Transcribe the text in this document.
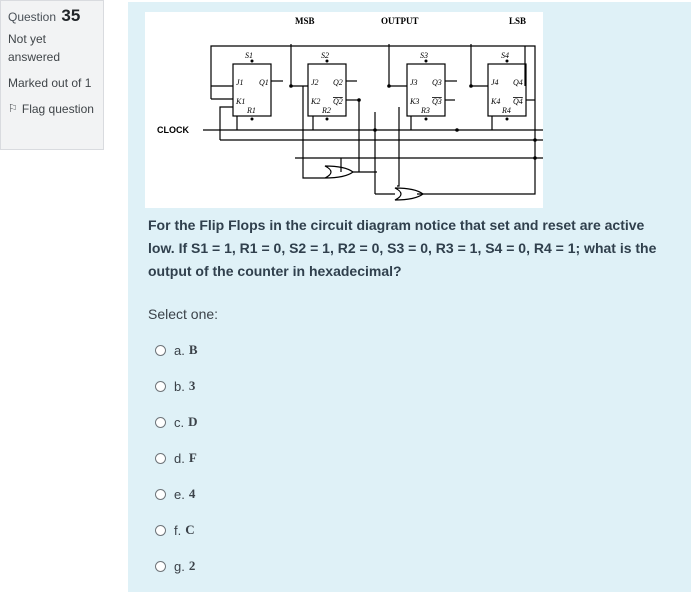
Question 35
Not yet answered
Marked out of 1
⚐ Flag question
MSB	OUTPUT	LSB
CLOCK
S1
J1 Q1
K1
R1
S2
J2 Q2
K2 Q2
R2
S3
J3 Q3
K3 Q3
R3
S4
J4 Q4
K4 Q4
R4
For the Flip Flops in the circuit diagram notice that set and reset are active low. If S1 = 1, R1 = 0, S2 = 1, R2 = 0, S3 = 0, R3 = 1, S4 = 0, R4 = 1; what is the output of the counter in hexadecimal?
Select one:
a. B
b. 3
c. D
d. F
e. 4
f. C
g. 2
